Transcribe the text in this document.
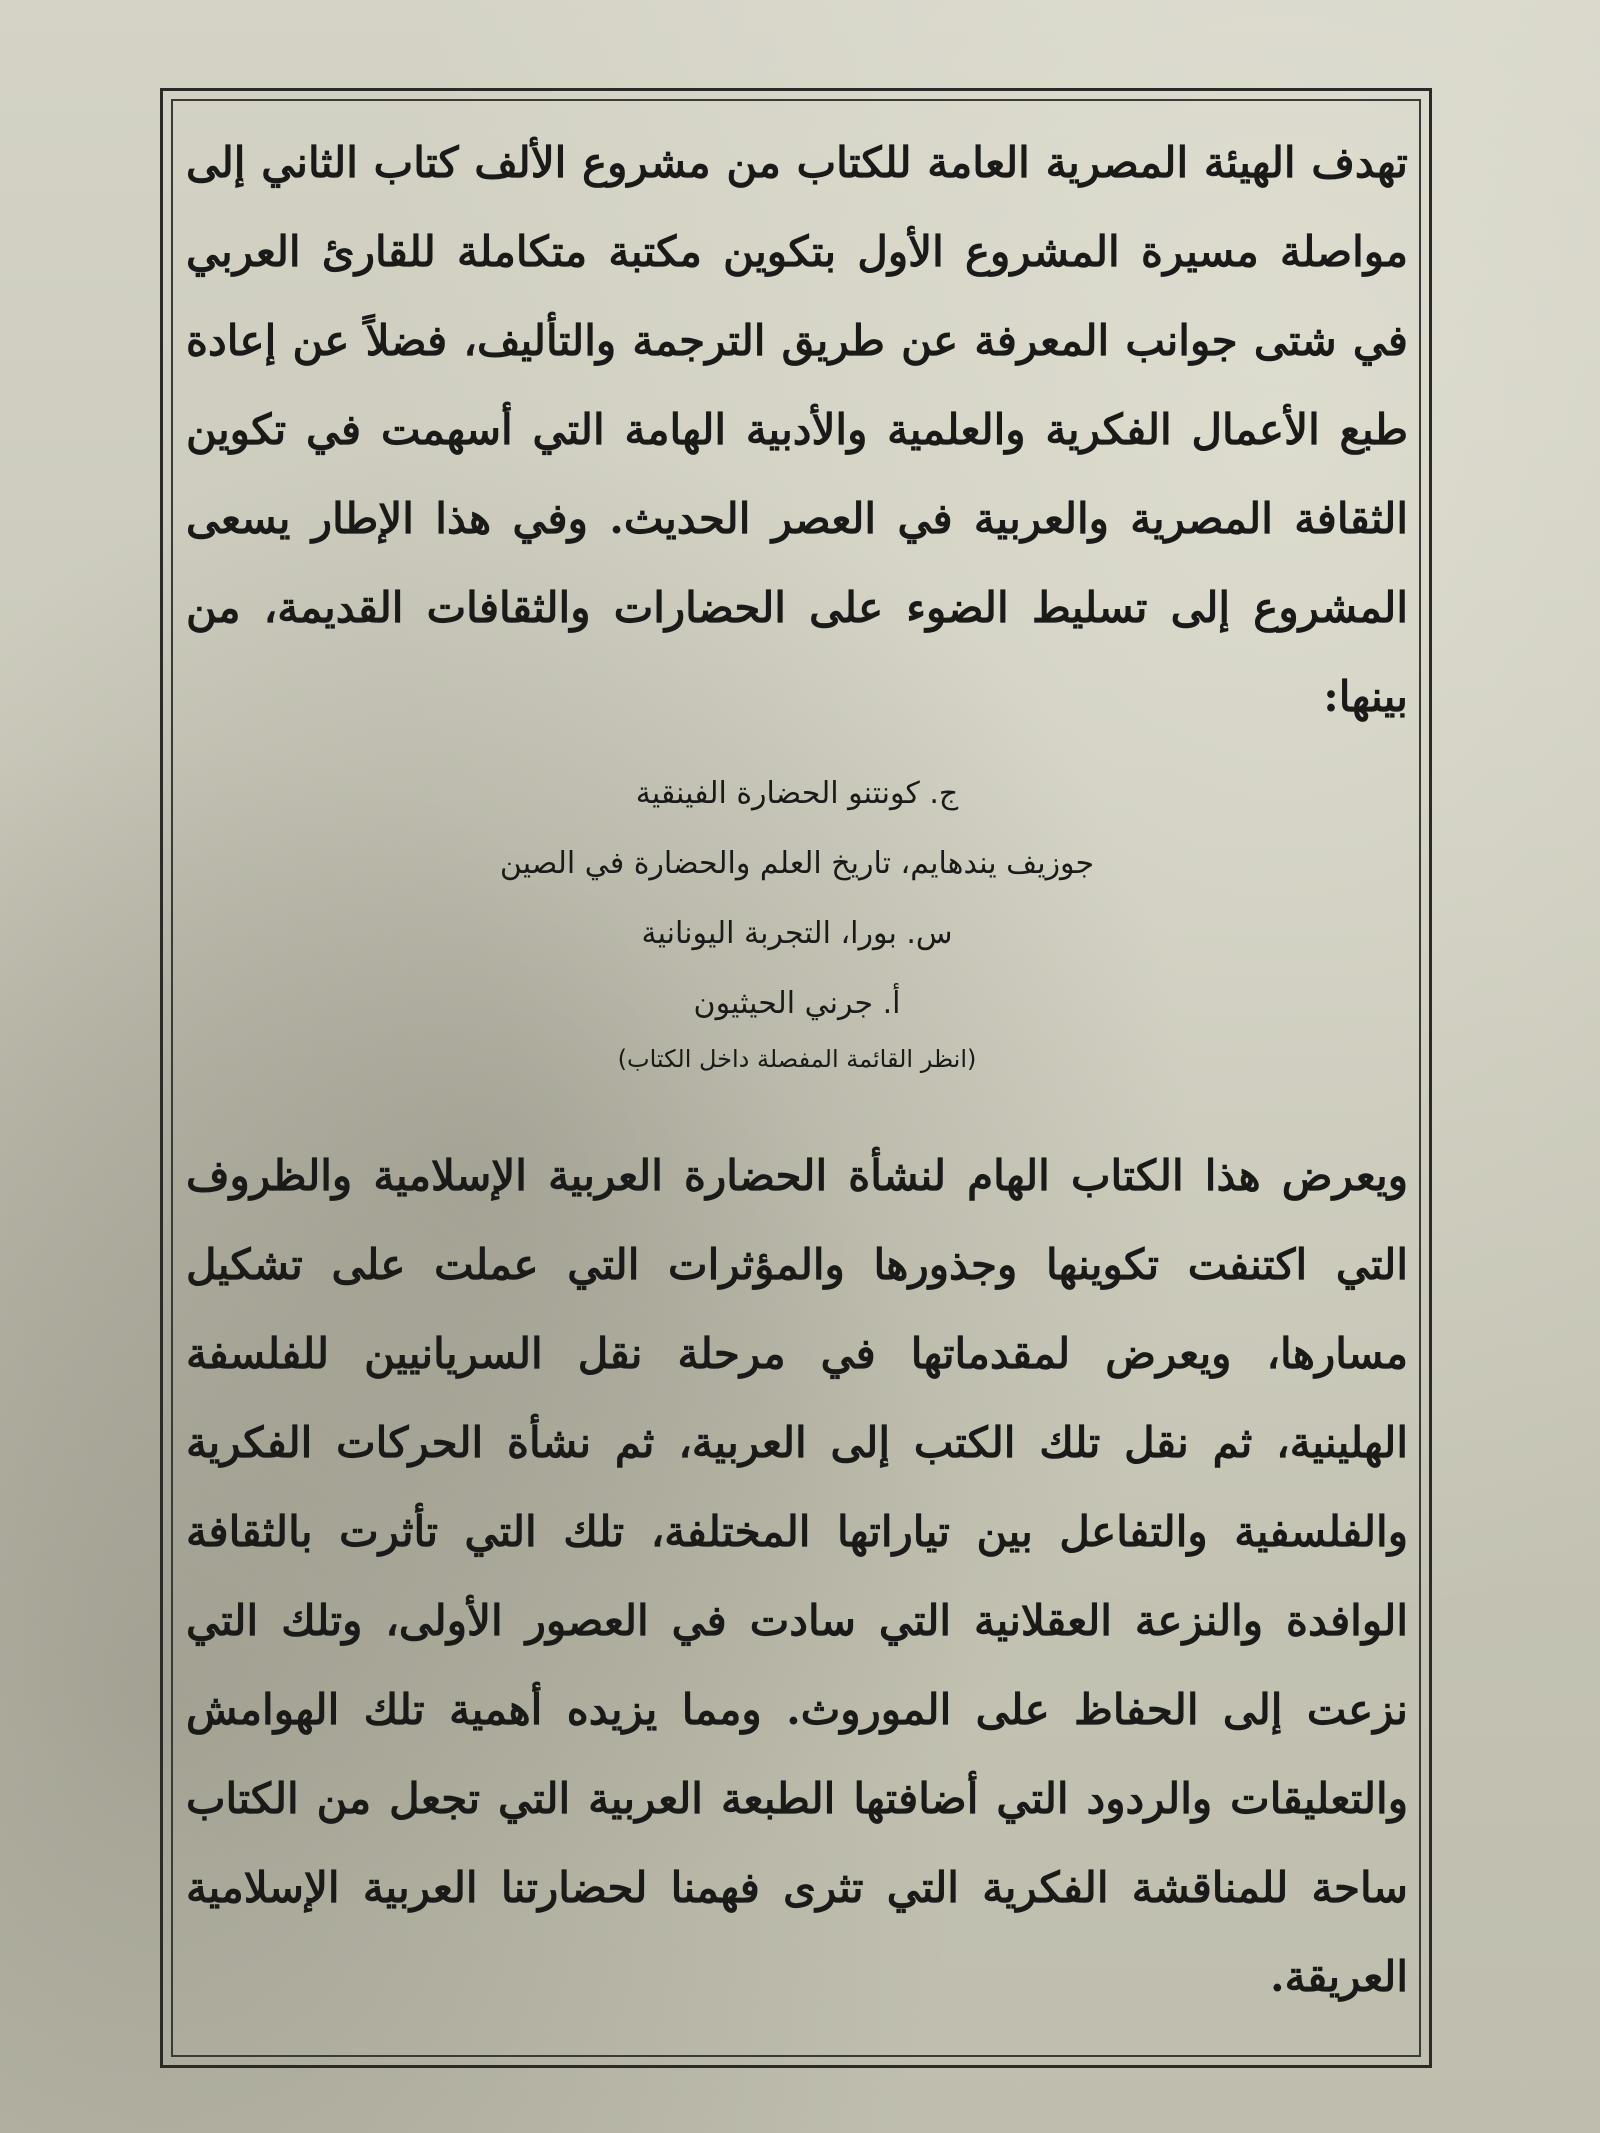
تهدف الهيئة المصرية العامة للكتاب من مشروع الألف كتاب الثاني إلى مواصلة مسيرة المشروع الأول بتكوين مكتبة متكاملة للقارئ العربي في شتى جوانب المعرفة عن طريق الترجمة والتأليف، فضلاً عن إعادة طبع الأعمال الفكرية والعلمية والأدبية الهامة التي أسهمت في تكوين الثقافة المصرية والعربية في العصر الحديث. وفي هذا الإطار يسعى المشروع إلى تسليط الضوء على الحضارات والثقافات القديمة، من بينها:

ج. كونتنو الحضارة الفينقية

جوزيف يندهايم، تاريخ العلم والحضارة في الصين

س. بورا، التجربة اليونانية

أ. جرني الحيثيون

(انظر القائمة المفصلة داخل الكتاب)

ويعرض هذا الكتاب الهام لنشأة الحضارة العربية الإسلامية والظروف التي اكتنفت تكوينها وجذورها والمؤثرات التي عملت على تشكيل مسارها، ويعرض لمقدماتها في مرحلة نقل السريانيين للفلسفة الهلينية، ثم نقل تلك الكتب إلى العربية، ثم نشأة الحركات الفكرية والفلسفية والتفاعل بين تياراتها المختلفة، تلك التي تأثرت بالثقافة الوافدة والنزعة العقلانية التي سادت في العصور الأولى، وتلك التي نزعت إلى الحفاظ على الموروث. ومما يزيده أهمية تلك الهوامش والتعليقات والردود التي أضافتها الطبعة العربية التي تجعل من الكتاب ساحة للمناقشة الفكرية التي تثرى فهمنا لحضارتنا العربية الإسلامية العريقة.
